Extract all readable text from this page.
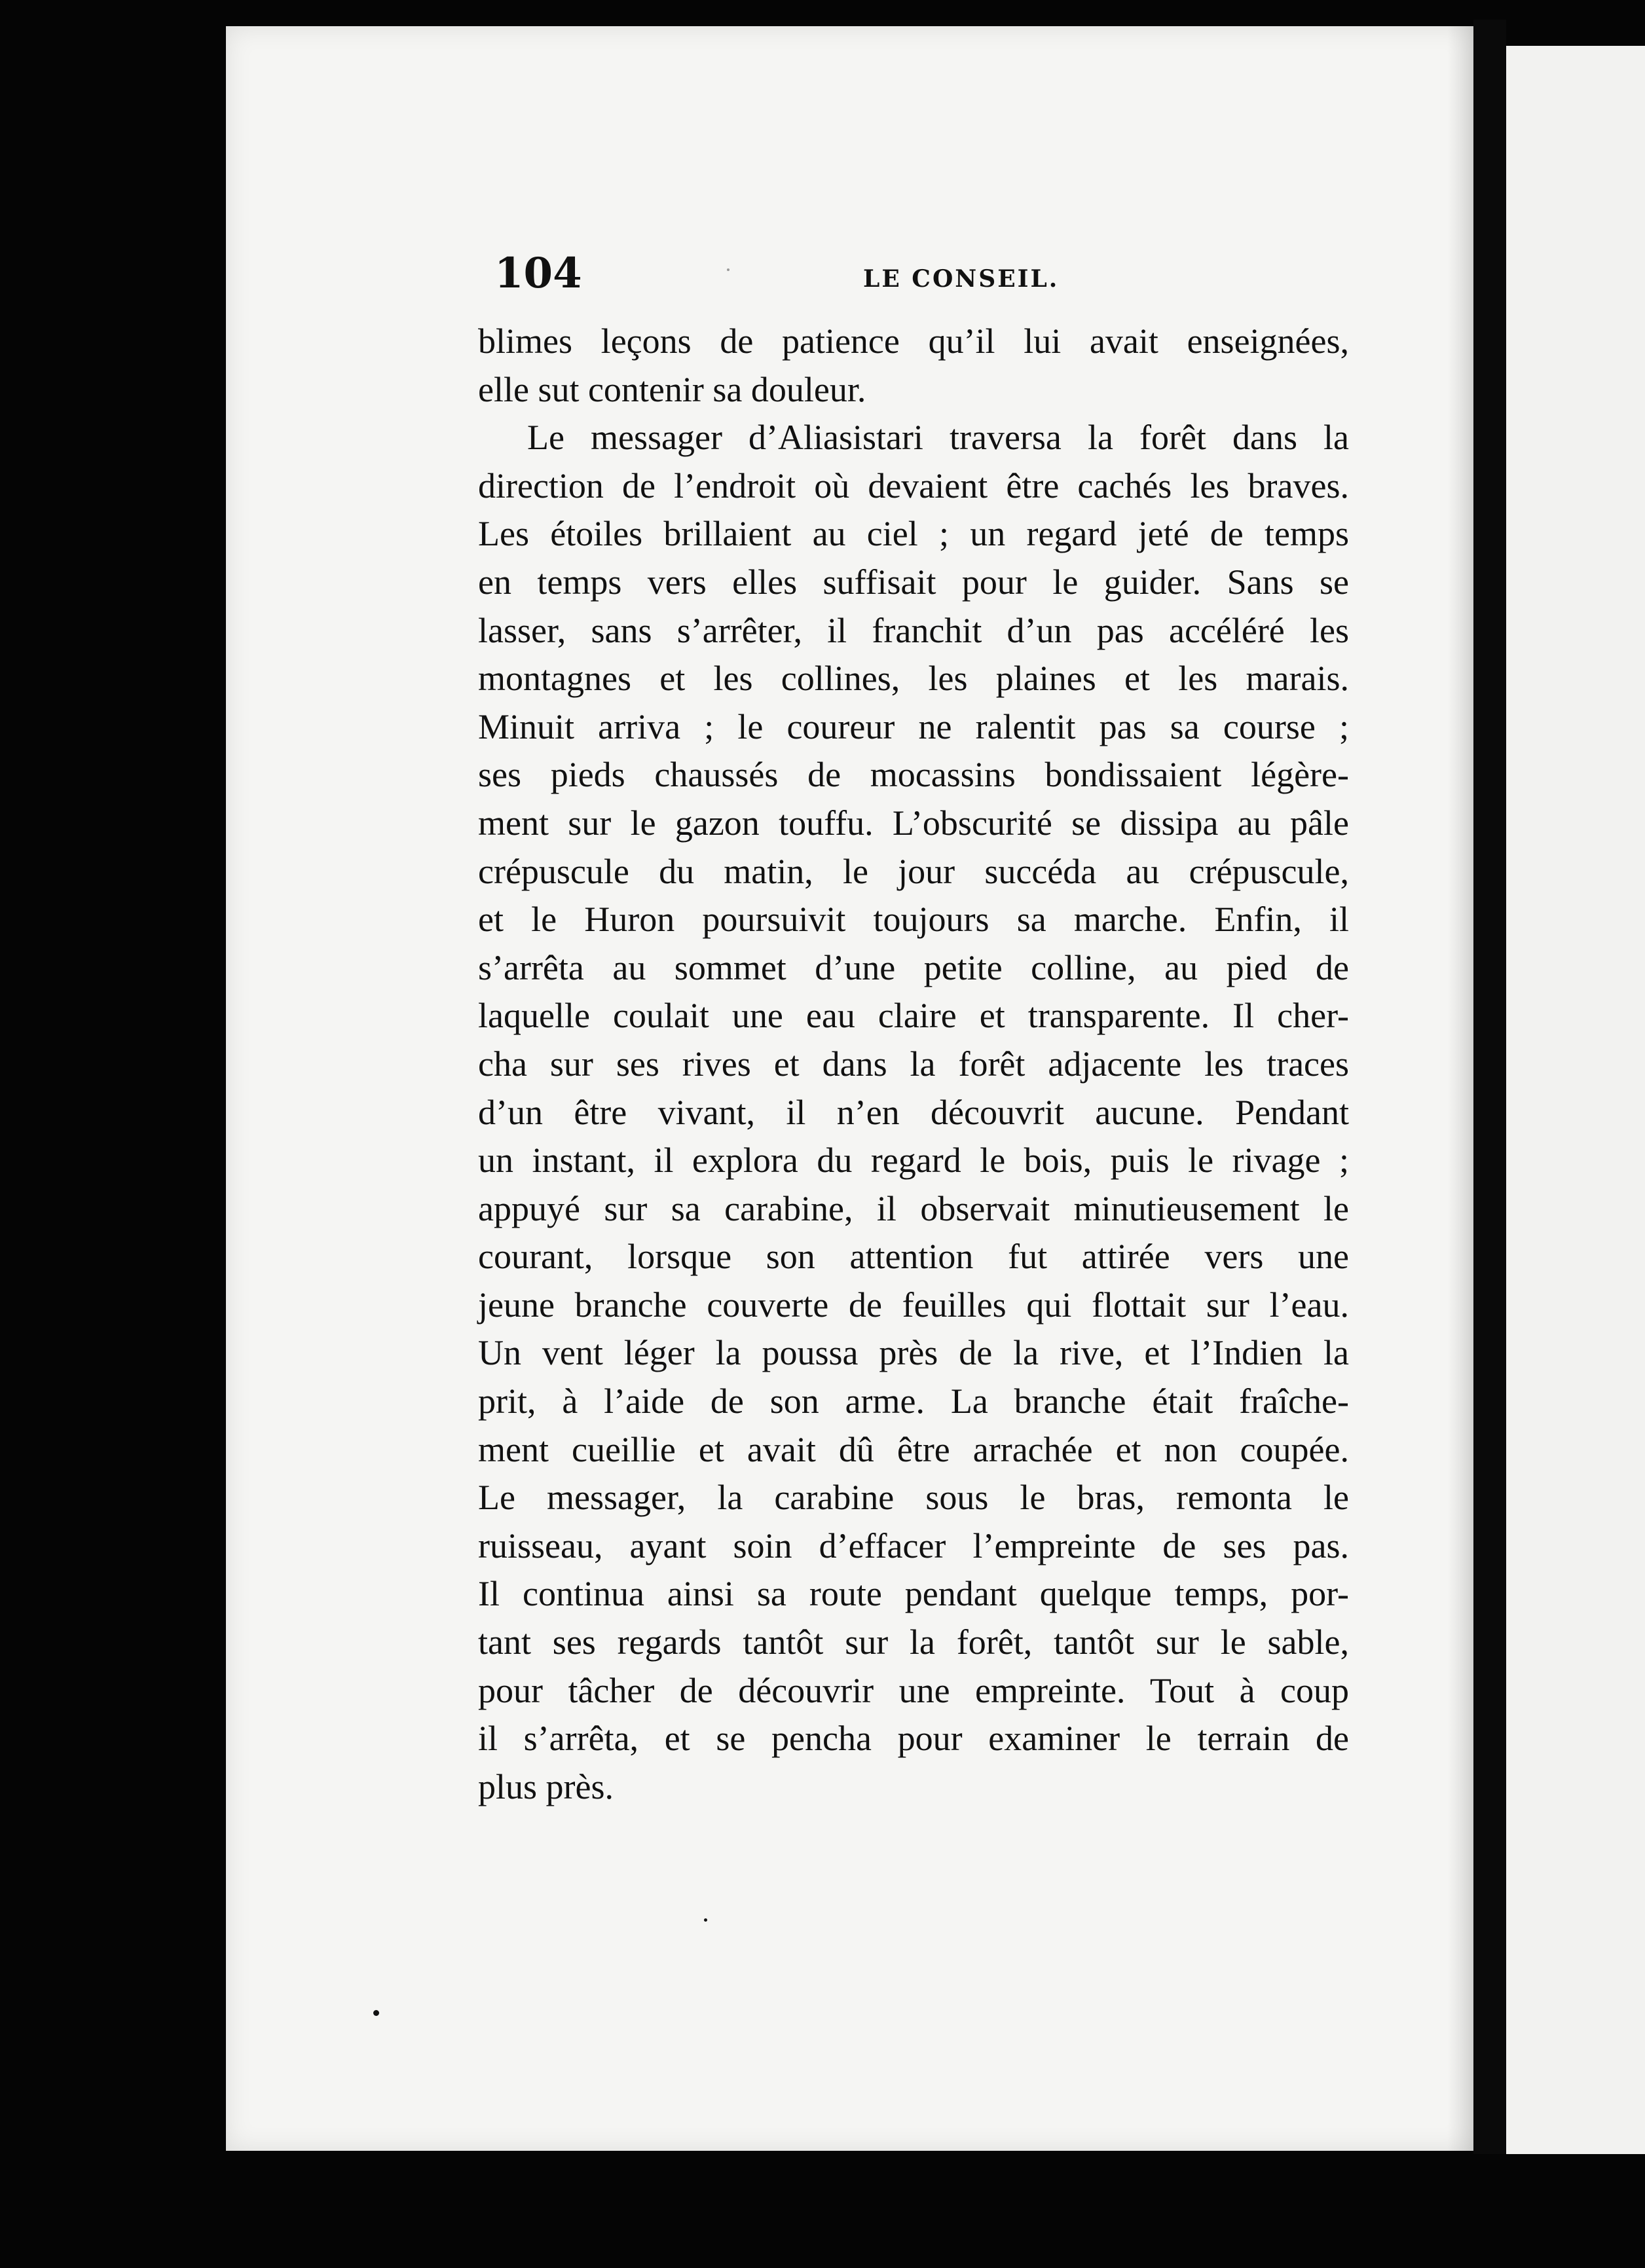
104	LE CONSEIL.
blimes leçons de patience qu’il lui avait enseignées,
elle sut contenir sa douleur.
Le messager d’Aliasistari traversa la forêt dans la
direction de l’endroit où devaient être cachés les braves.
Les étoiles brillaient au ciel ; un regard jeté de temps
en temps vers elles suffisait pour le guider. Sans se
lasser, sans s’arrêter, il franchit d’un pas accéléré les
montagnes et les collines, les plaines et les marais.
Minuit arriva ; le coureur ne ralentit pas sa course ;
ses pieds chaussés de mocassins bondissaient légère-
ment sur le gazon touffu. L’obscurité se dissipa au pâle
crépuscule du matin, le jour succéda au crépuscule,
et le Huron poursuivit toujours sa marche. Enfin, il
s’arrêta au sommet d’une petite colline, au pied de
laquelle coulait une eau claire et transparente. Il cher-
cha sur ses rives et dans la forêt adjacente les traces
d’un être vivant, il n’en découvrit aucune. Pendant
un instant, il explora du regard le bois, puis le rivage ;
appuyé sur sa carabine, il observait minutieusement le
courant, lorsque son attention fut attirée vers une
jeune branche couverte de feuilles qui flottait sur l’eau.
Un vent léger la poussa près de la rive, et l’Indien la
prit, à l’aide de son arme. La branche était fraîche-
ment cueillie et avait dû être arrachée et non coupée.
Le messager, la carabine sous le bras, remonta le
ruisseau, ayant soin d’effacer l’empreinte de ses pas.
Il continua ainsi sa route pendant quelque temps, por-
tant ses regards tantôt sur la forêt, tantôt sur le sable,
pour tâcher de découvrir une empreinte. Tout à coup
il s’arrêta, et se pencha pour examiner le terrain de
plus près.
